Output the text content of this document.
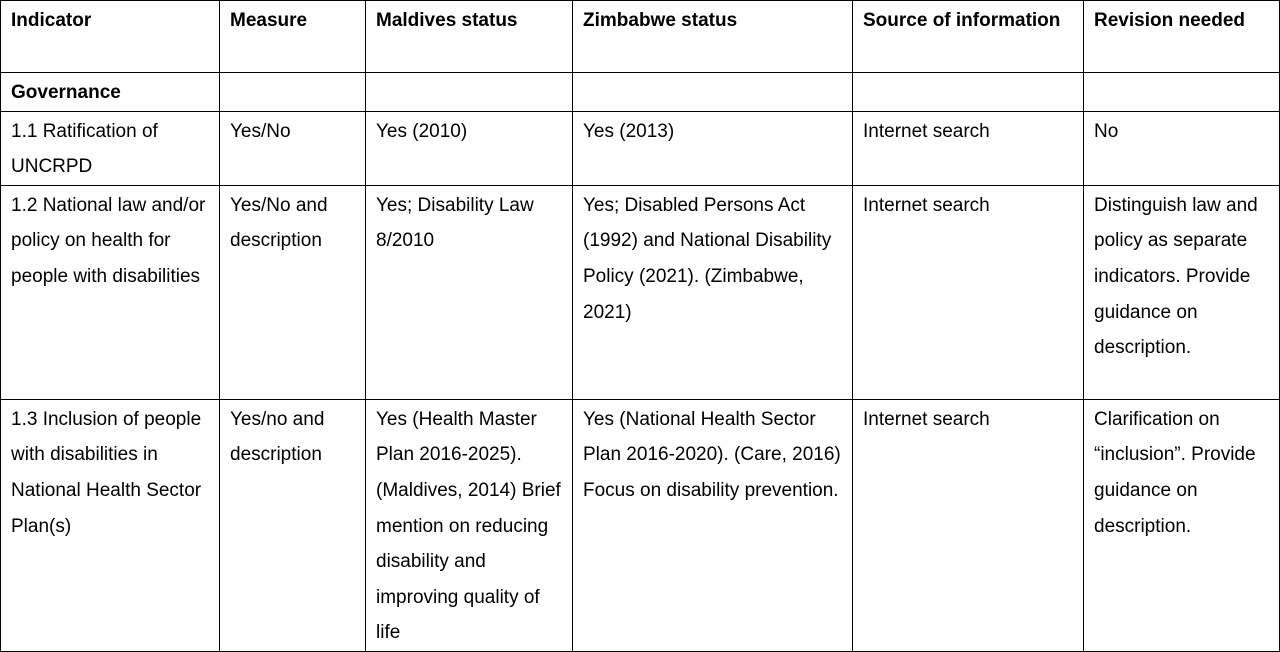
Indicator	Measure	Maldives status	Zimbabwe status	Source of information	Revision needed
Governance					
1.1 Ratification of UNCRPD	Yes/No	Yes (2010)	Yes (2013)	Internet search	No
1.2 National law and/or policy on health for people with disabilities	Yes/No and description	Yes; Disability Law 8/2010	Yes; Disabled Persons Act (1992) and National Disability Policy (2021). (Zimbabwe, 2021)	Internet search	Distinguish law and policy as separate indicators. Provide guidance on description.
1.3 Inclusion of people with disabilities in National Health Sector Plan(s)	Yes/no and description	Yes (Health Master Plan 2016-2025). (Maldives, 2014) Brief mention on reducing disability and improving quality of life	Yes (National Health Sector Plan 2016-2020). (Care, 2016) Focus on disability prevention.	Internet search	Clarification on “inclusion”. Provide guidance on description.
